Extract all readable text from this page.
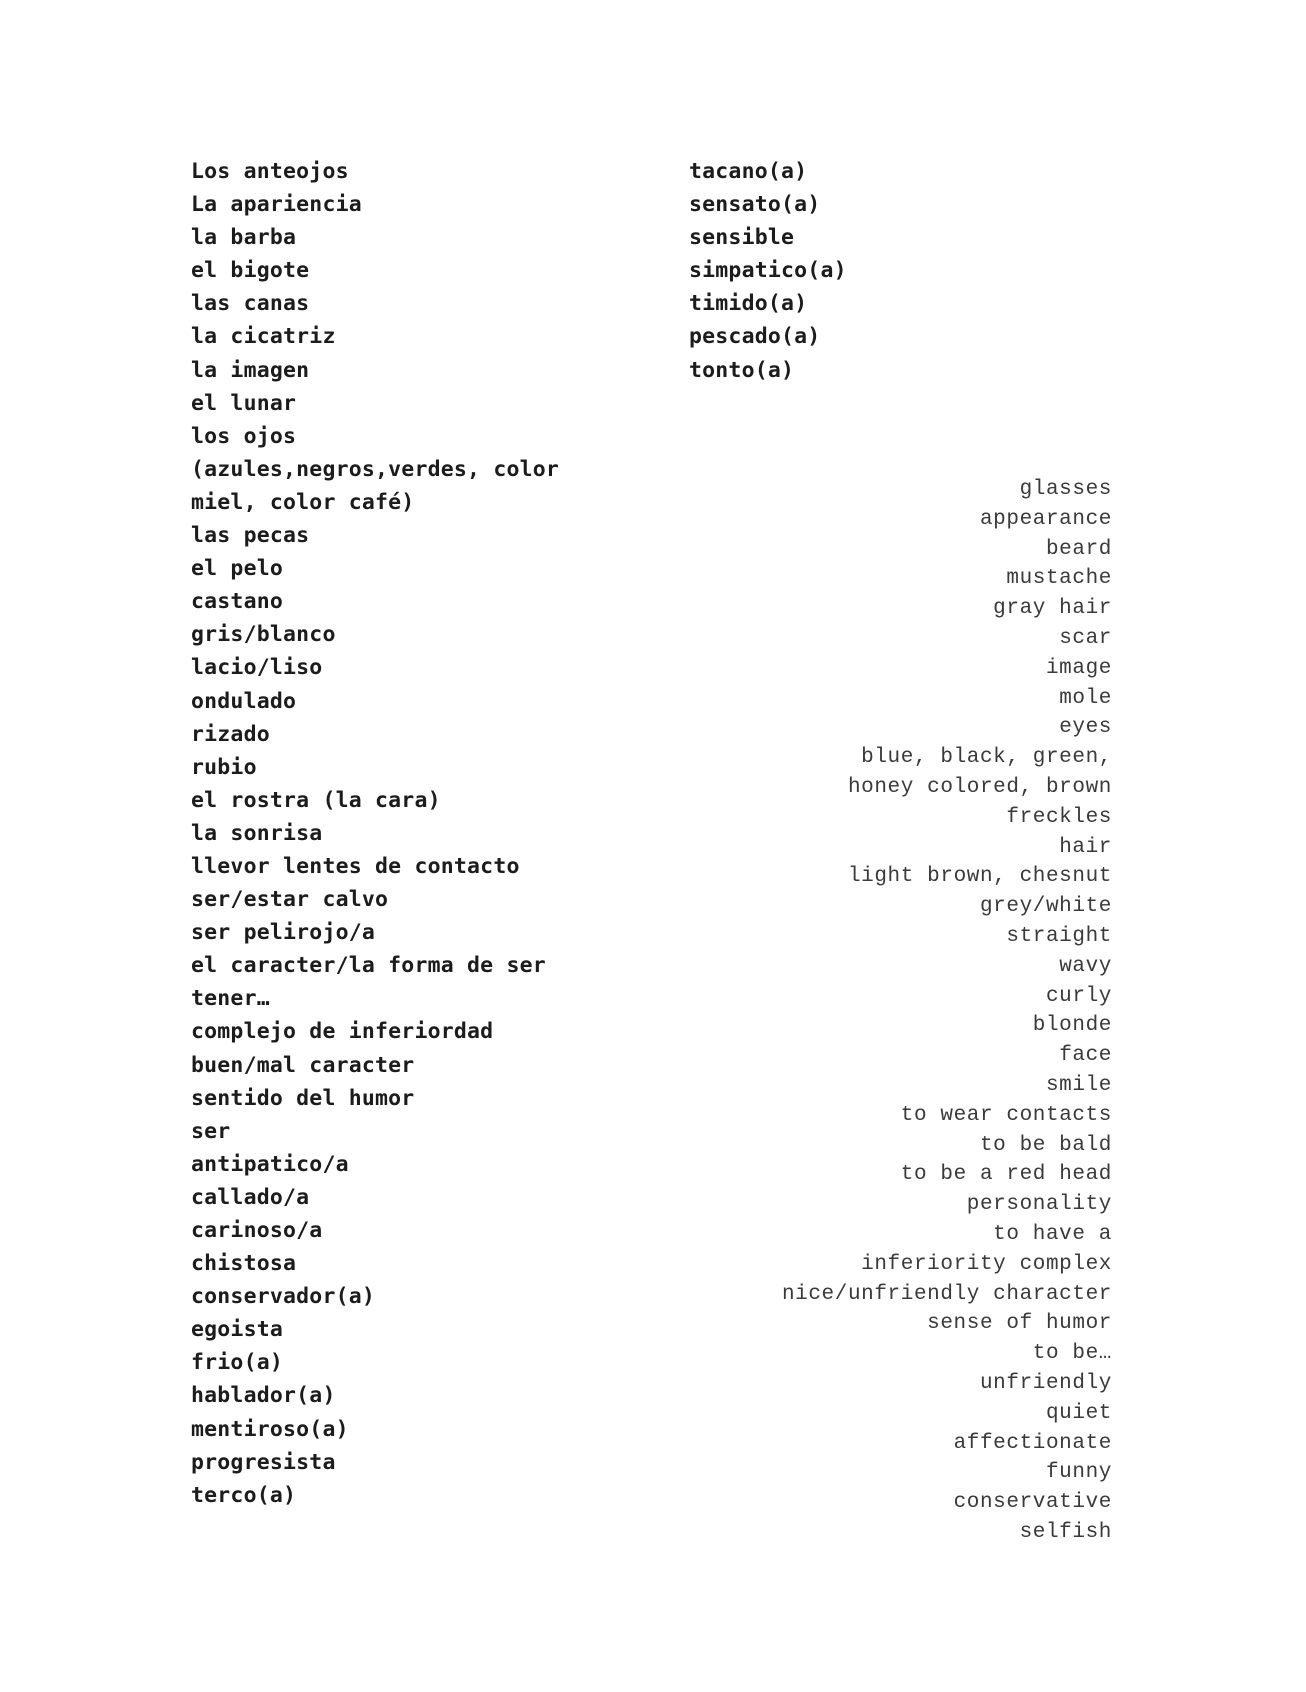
Los anteojos
La apariencia
la barba
el bigote
las canas
la cicatriz
la imagen
el lunar
los ojos
(azules,negros,verdes, color
miel, color café)
las pecas
el pelo
castano
gris/blanco
lacio/liso
ondulado
rizado
rubio
el rostra (la cara)
la sonrisa
llevor lentes de contacto
ser/estar calvo
ser pelirojo/a
el caracter/la forma de ser
tener…
complejo de inferiordad
buen/mal caracter
sentido del humor
ser
antipatico/a
callado/a
carinoso/a
chistosa
conservador(a)
egoista
frio(a)
hablador(a)
mentiroso(a)
progresista
terco(a)
tacano(a)
sensato(a)
sensible
simpatico(a)
timido(a)
pescado(a)
tonto(a)
glasses
appearance
beard
mustache
gray hair
scar
image
mole
eyes
blue, black, green,
honey colored, brown
freckles
hair
light brown, chesnut
grey/white
straight
wavy
curly
blonde
face
smile
to wear contacts
to be bald
to be a red head
personality
to have a
inferiority complex
nice/unfriendly character
sense of humor
to be…
unfriendly
quiet
affectionate
funny
conservative
selfish
